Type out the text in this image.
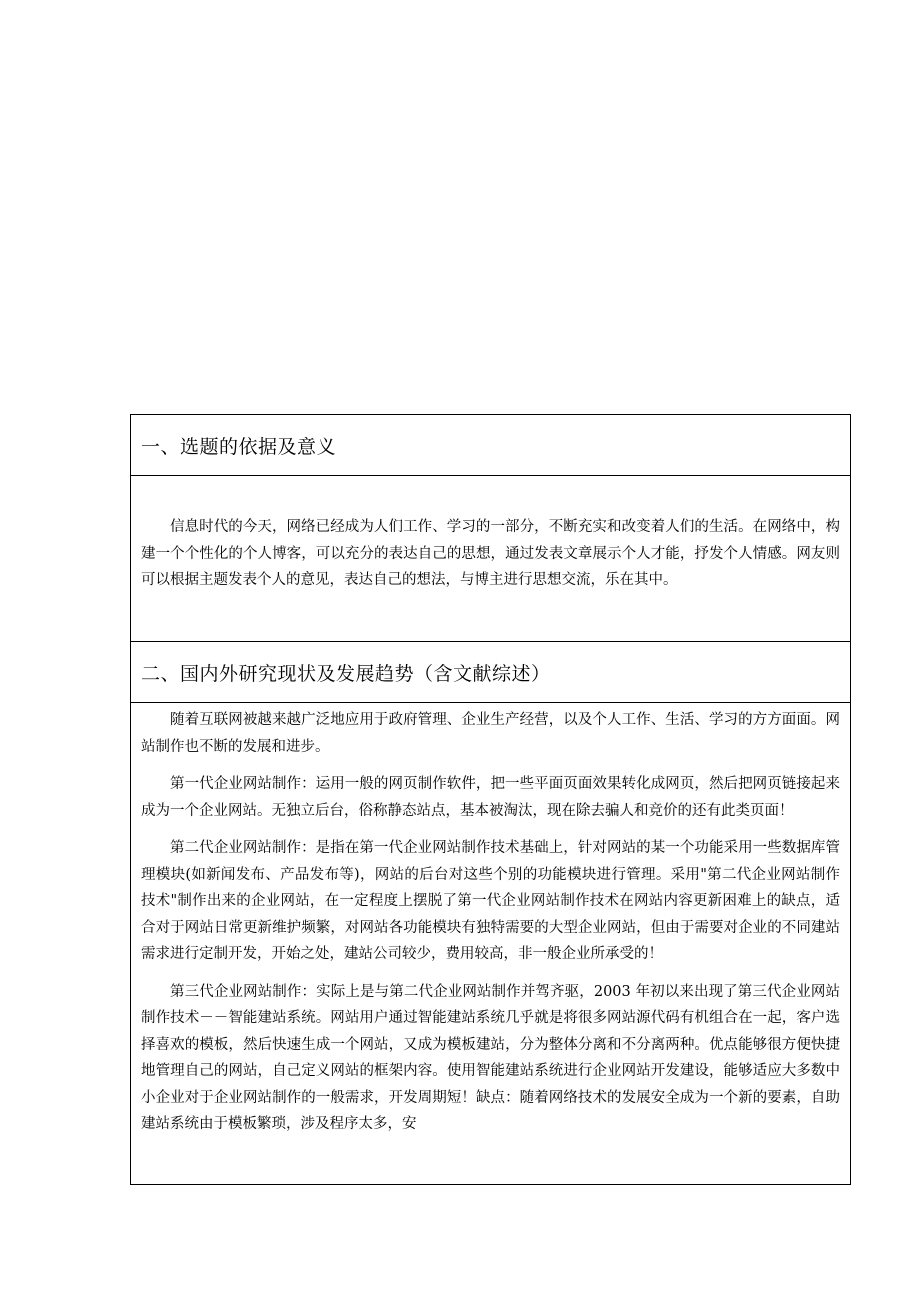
一、选题的依据及意义

信息时代的今天，网络已经成为人们工作、学习的一部分，不断充实和改变着人们的生活。在网络中，构建一个个性化的个人博客，可以充分的表达自己的思想，通过发表文章展示个人才能，抒发个人情感。网友则可以根据主题发表个人的意见，表达自己的想法，与博主进行思想交流，乐在其中。

二、国内外研究现状及发展趋势（含文献综述）

随着互联网被越来越广泛地应用于政府管理、企业生产经营，以及个人工作、生活、学习的方方面面。网站制作也不断的发展和进步。

第一代企业网站制作：运用一般的网页制作软件，把一些平面页面效果转化成网页，然后把网页链接起来成为一个企业网站。无独立后台，俗称静态站点，基本被淘汰，现在除去骗人和竞价的还有此类页面！

第二代企业网站制作：是指在第一代企业网站制作技术基础上，针对网站的某一个功能采用一些数据库管理模块(如新闻发布、产品发布等)，网站的后台对这些个别的功能模块进行管理。采用"第二代企业网站制作技术"制作出来的企业网站，在一定程度上摆脱了第一代企业网站制作技术在网站内容更新困难上的缺点，适合对于网站日常更新维护频繁，对网站各功能模块有独特需要的大型企业网站，但由于需要对企业的不同建站需求进行定制开发，开始之处，建站公司较少，费用较高，非一般企业所承受的！

第三代企业网站制作：实际上是与第二代企业网站制作并驾齐驱，2003 年初以来出现了第三代企业网站制作技术－－智能建站系统。网站用户通过智能建站系统几乎就是将很多网站源代码有机组合在一起，客户选择喜欢的模板，然后快速生成一个网站，又成为模板建站，分为整体分离和不分离两种。优点能够很方便快捷地管理自己的网站，自己定义网站的框架内容。使用智能建站系统进行企业网站开发建设，能够适应大多数中小企业对于企业网站制作的一般需求，开发周期短！缺点：随着网络技术的发展安全成为一个新的要素，自助建站系统由于模板繁琐，涉及程序太多，安
